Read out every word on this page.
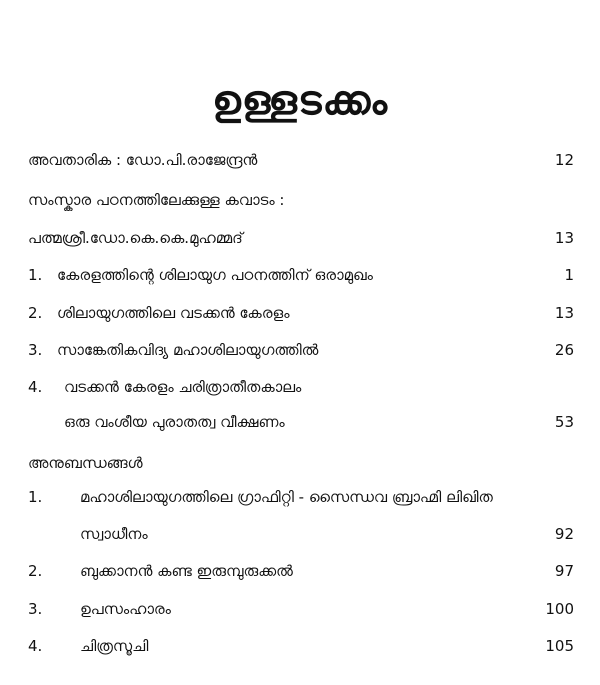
ഉള്ളടക്കം
അവതാരിക : ഡോ.പി.രാജേന്ദ്രൻ	12
സംസ്കാര പഠനത്തിലേക്കുള്ള കവാടം :
പത്മശ്രീ.ഡോ.കെ.കെ.മുഹമ്മദ്	13
1. കേരളത്തിന്റെ ശിലായുഗ പഠനത്തിന് ഒരാമുഖം	1
2. ശിലായുഗത്തിലെ വടക്കൻ കേരളം	13
3. സാങ്കേതികവിദ്യ മഹാശിലായുഗത്തിൽ	26
4. വടക്കൻ കേരളം ചരിത്രാതീതകാലം
ഒരു വംശീയ പുരാതത്വ വീക്ഷണം	53
അനുബന്ധങ്ങൾ
1.	മഹാശിലായുഗത്തിലെ ഗ്രാഫിറ്റി - സൈന്ധവ ബ്രാഹ്മി ലിഖിത
സ്വാധീനം	92
2.	ബുക്കാനൻ കണ്ട ഇരുമ്പുരുക്കൽ	97
3.	ഉപസംഹാരം	100
4.	ചിത്രസൂചി	105
